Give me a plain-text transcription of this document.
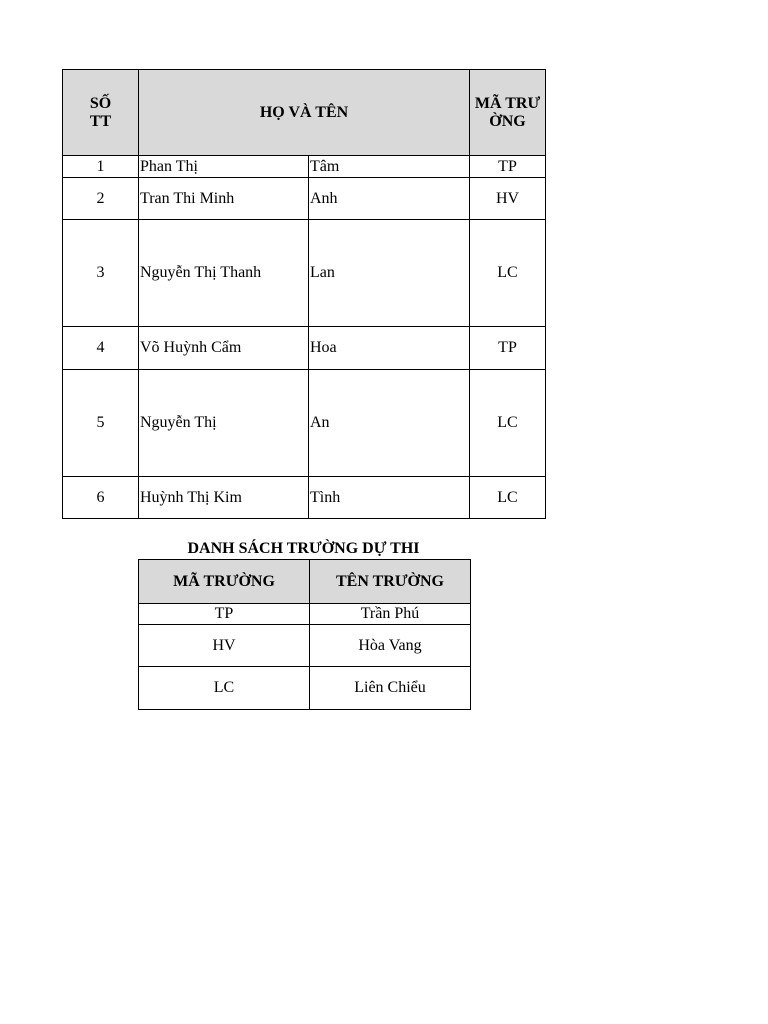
SỐ TT	HỌ VÀ TÊN		MÃ TRƯỜNG
1	Phan Thị	Tâm	TP
2	Tran Thi Minh	Anh	HV
3	Nguyễn Thị Thanh	Lan	LC
4	Võ Huỳnh Cẩm	Hoa	TP
5	Nguyễn Thị	An	LC
6	Huỳnh Thị Kim	Tình	LC
DANH SÁCH TRƯỜNG DỰ THI
MÃ TRƯỜNG	TÊN TRƯỜNG
TP	Trần Phú
HV	Hòa Vang
LC	Liên Chiểu
